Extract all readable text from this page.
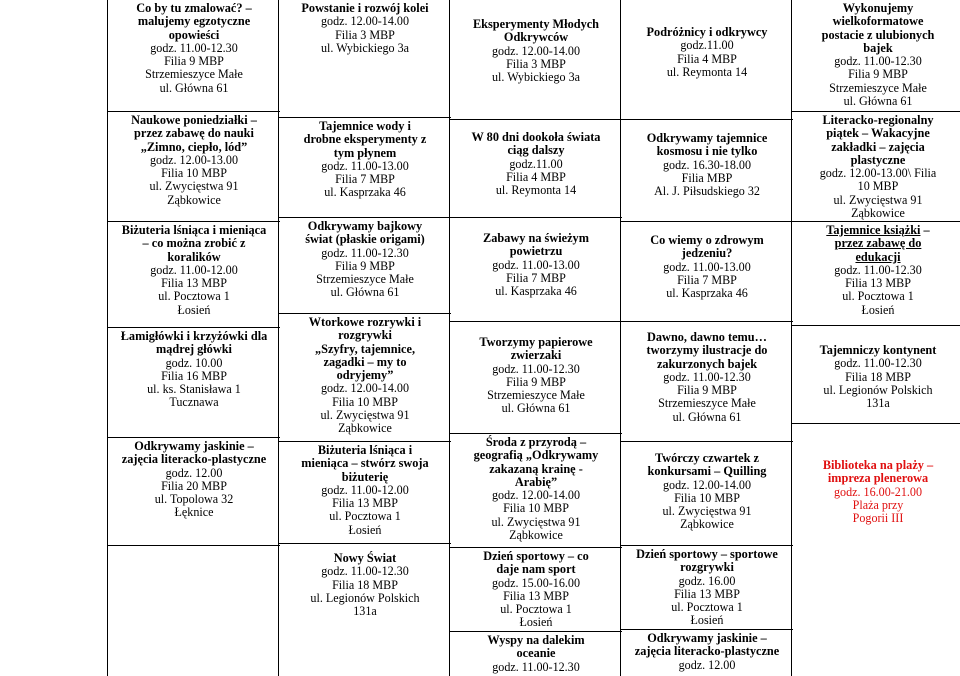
Co by tu zmalować? –
malujemy egzotyczne
opowieści
godz. 11.00-12.30
Filia 9 MBP
Strzemieszyce Małe
ul. Główna 61
Naukowe poniedziałki –
przez zabawę do nauki
„Zimno, ciepło, lód”
godz. 12.00-13.00
Filia 10 MBP
ul. Zwycięstwa 91
Ząbkowice
Biżuteria lśniąca i mieniąca
– co można zrobić z
koralików
godz. 11.00-12.00
Filia 13 MBP
ul. Pocztowa 1
Łosień
Łamigłówki i krzyżówki dla
mądrej główki
godz. 10.00
Filia 16 MBP
ul. ks. Stanisława 1
Tucznawa
Odkrywamy jaskinie –
zajęcia literacko-plastyczne
godz. 12.00
Filia 20 MBP
ul. Topolowa 32
Łęknice
Powstanie i rozwój kolei
godz. 12.00-14.00
Filia 3 MBP
ul. Wybickiego 3a
Tajemnice wody i
drobne eksperymenty z
tym płynem
godz. 11.00-13.00
Filia 7 MBP
ul. Kasprzaka 46
Odkrywamy bajkowy
świat (płaskie origami)
godz. 11.00-12.30
Filia 9 MBP
Strzemieszyce Małe
ul. Główna 61
Wtorkowe rozrywki i
rozgrywki
„Szyfry, tajemnice,
zagadki – my to
odryjemy”
godz. 12.00-14.00
Filia 10 MBP
ul. Zwycięstwa 91
Ząbkowice
Biżuteria lśniąca i
mieniąca – stwórz swoja
biżuterię
godz. 11.00-12.00
Filia 13 MBP
ul. Pocztowa 1
Łosień
Nowy Świat
godz. 11.00-12.30
Filia 18 MBP
ul. Legionów Polskich
131a
Eksperymenty Młodych
Odkrywców
godz. 12.00-14.00
Filia 3 MBP
ul. Wybickiego 3a
W 80 dni dookoła świata
ciąg dalszy
godz.11.00
Filia 4 MBP
ul. Reymonta 14
Zabawy na świeżym
powietrzu
godz. 11.00-13.00
Filia 7 MBP
ul. Kasprzaka 46
Tworzymy papierowe
zwierzaki
godz. 11.00-12.30
Filia 9 MBP
Strzemieszyce Małe
ul. Główna 61
Środa z przyrodą –
geografią „Odkrywamy
zakazaną krainę -
Arabię”
godz. 12.00-14.00
Filia 10 MBP
ul. Zwycięstwa 91
Ząbkowice
Dzień sportowy – co
daje nam sport
godz. 15.00-16.00
Filia 13 MBP
ul. Pocztowa 1
Łosień
Wyspy na dalekim
oceanie
godz. 11.00-12.30
Podróżnicy i odkrywcy
godz.11.00
Filia 4 MBP
ul. Reymonta 14
Odkrywamy tajemnice
kosmosu i nie tylko
godz. 16.30-18.00
Filia MBP
Al. J. Piłsudskiego 32
Co wiemy o zdrowym
jedzeniu?
godz. 11.00-13.00
Filia 7 MBP
ul. Kasprzaka 46
Dawno, dawno temu…
tworzymy ilustracje do
zakurzonych bajek
godz. 11.00-12.30
Filia 9 MBP
Strzemieszyce Małe
ul. Główna 61
Twórczy czwartek z
konkursami – Quilling
godz. 12.00-14.00
Filia 10 MBP
ul. Zwycięstwa 91
Ząbkowice
Dzień sportowy – sportowe
rozgrywki
godz. 16.00
Filia 13 MBP
ul. Pocztowa 1
Łosień
Odkrywamy jaskinie –
zajęcia literacko-plastyczne
godz. 12.00
Wykonujemy
wielkoformatowe
postacie z ulubionych
bajek
godz. 11.00-12.30
Filia 9 MBP
Strzemieszyce Małe
ul. Główna 61
Literacko-regionalny
piątek – Wakacyjne
zakładki – zajęcia
plastyczne
godz. 12.00-13.00\ Filia
10 MBP
ul. Zwycięstwa 91
Ząbkowice
Tajemnice książki –
przez zabawę do
edukacji
godz. 11.00-12.30
Filia 13 MBP
ul. Pocztowa 1
Łosień
Tajemniczy kontynent
godz. 11.00-12.30
Filia 18 MBP
ul. Legionów Polskich
131a
Biblioteka na plaży –
impreza plenerowa
godz. 16.00-21.00
Plaża przy
Pogorii III
